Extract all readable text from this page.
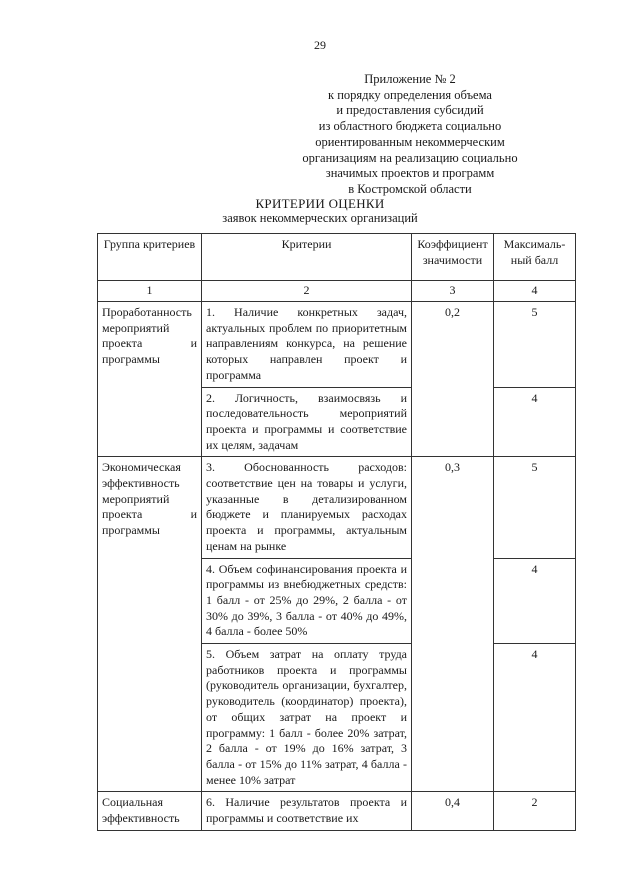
29
Приложение № 2
к порядку определения объема
и предоставления субсидий
из областного бюджета социально
ориентированным некоммерческим
организациям на реализацию социально
значимых проектов и программ
в Костромской области
КРИТЕРИИ ОЦЕНКИ
заявок некоммерческих организаций
Группа критериев	Критерии	Коэффициент значимости	Максималь-ный балл
1	2	3	4
Проработанность мероприятий проекта и программы	1. Наличие конкретных задач, актуальных проблем по приоритетным направлениям конкурса, на решение которых направлен проект и программа	0,2	5
	2. Логичность, взаимосвязь и последовательность мероприятий проекта и программы и соответствие их целям, задачам		4
Экономическая эффективность мероприятий проекта и программы	3. Обоснованность расходов: соответствие цен на товары и услуги, указанные в детализированном бюджете и планируемых расходах проекта и программы, актуальным ценам на рынке	0,3	5
	4. Объем софинансирования проекта и программы из внебюджетных средств: 1 балл - от 25% до 29%, 2 балла - от 30% до 39%, 3 балла - от 40% до 49%, 4 балла - более 50%		4
	5. Объем затрат на оплату труда работников проекта и программы (руководитель организации, бухгалтер, руководитель (координатор) проекта), от общих затрат на проект и программу: 1 балл - более 20% затрат, 2 балла - от 19% до 16% затрат, 3 балла - от 15% до 11% затрат, 4 балла - менее 10% затрат		4
Социальная эффективность	6. Наличие результатов проекта и программы и соответствие их	0,4	2
